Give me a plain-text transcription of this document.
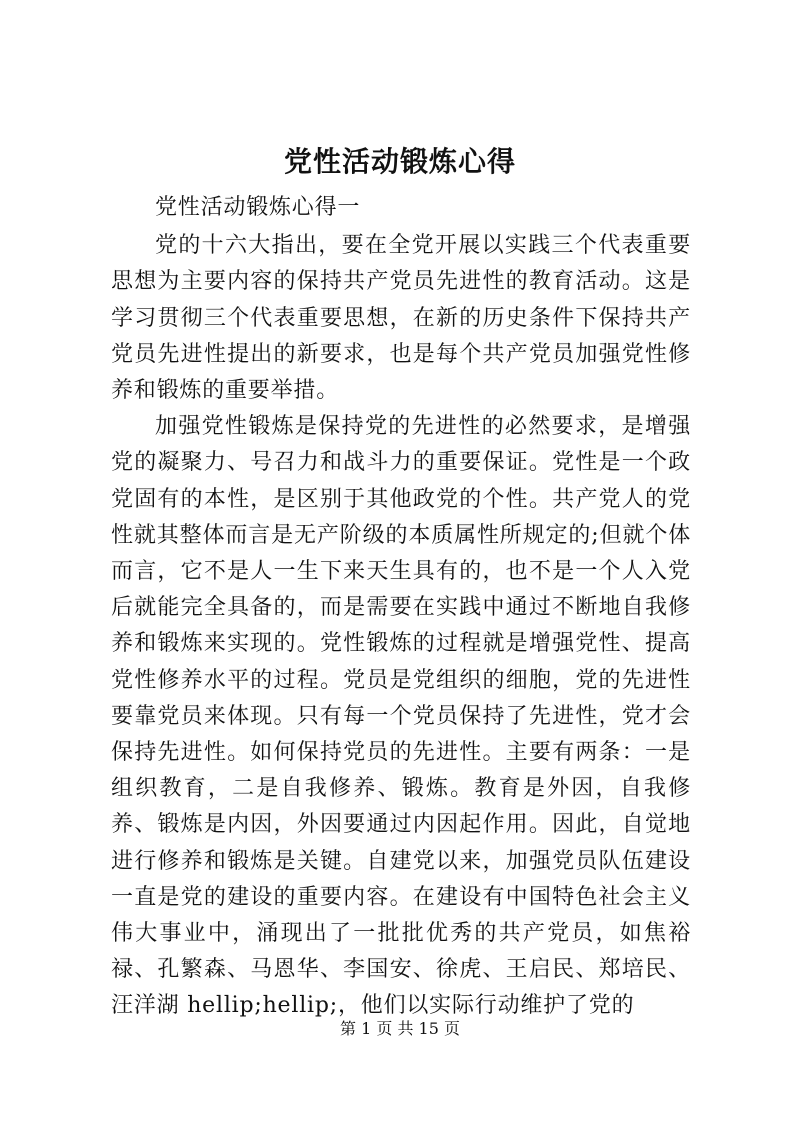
党性活动锻炼心得

党性活动锻炼心得一

党的十六大指出，要在全党开展以实践三个代表重要思想为主要内容的保持共产党员先进性的教育活动。这是学习贯彻三个代表重要思想，在新的历史条件下保持共产党员先进性提出的新要求，也是每个共产党员加强党性修养和锻炼的重要举措。

加强党性锻炼是保持党的先进性的必然要求，是增强党的凝聚力、号召力和战斗力的重要保证。党性是一个政党固有的本性，是区别于其他政党的个性。共产党人的党性就其整体而言是无产阶级的本质属性所规定的;但就个体而言，它不是人一生下来天生具有的，也不是一个人入党后就能完全具备的，而是需要在实践中通过不断地自我修养和锻炼来实现的。党性锻炼的过程就是增强党性、提高党性修养水平的过程。党员是党组织的细胞，党的先进性要靠党员来体现。只有每一个党员保持了先进性，党才会保持先进性。如何保持党员的先进性。主要有两条：一是组织教育，二是自我修养、锻炼。教育是外因，自我修养、锻炼是内因，外因要通过内因起作用。因此，自觉地进行修养和锻炼是关键。自建党以来，加强党员队伍建设一直是党的建设的重要内容。在建设有中国特色社会主义伟大事业中，涌现出了一批批优秀的共产党员，如焦裕禄、孔繁森、马恩华、李国安、徐虎、王启民、郑培民、汪洋湖 hellip;hellip;，他们以实际行动维护了党的

第 1 页 共 15 页
